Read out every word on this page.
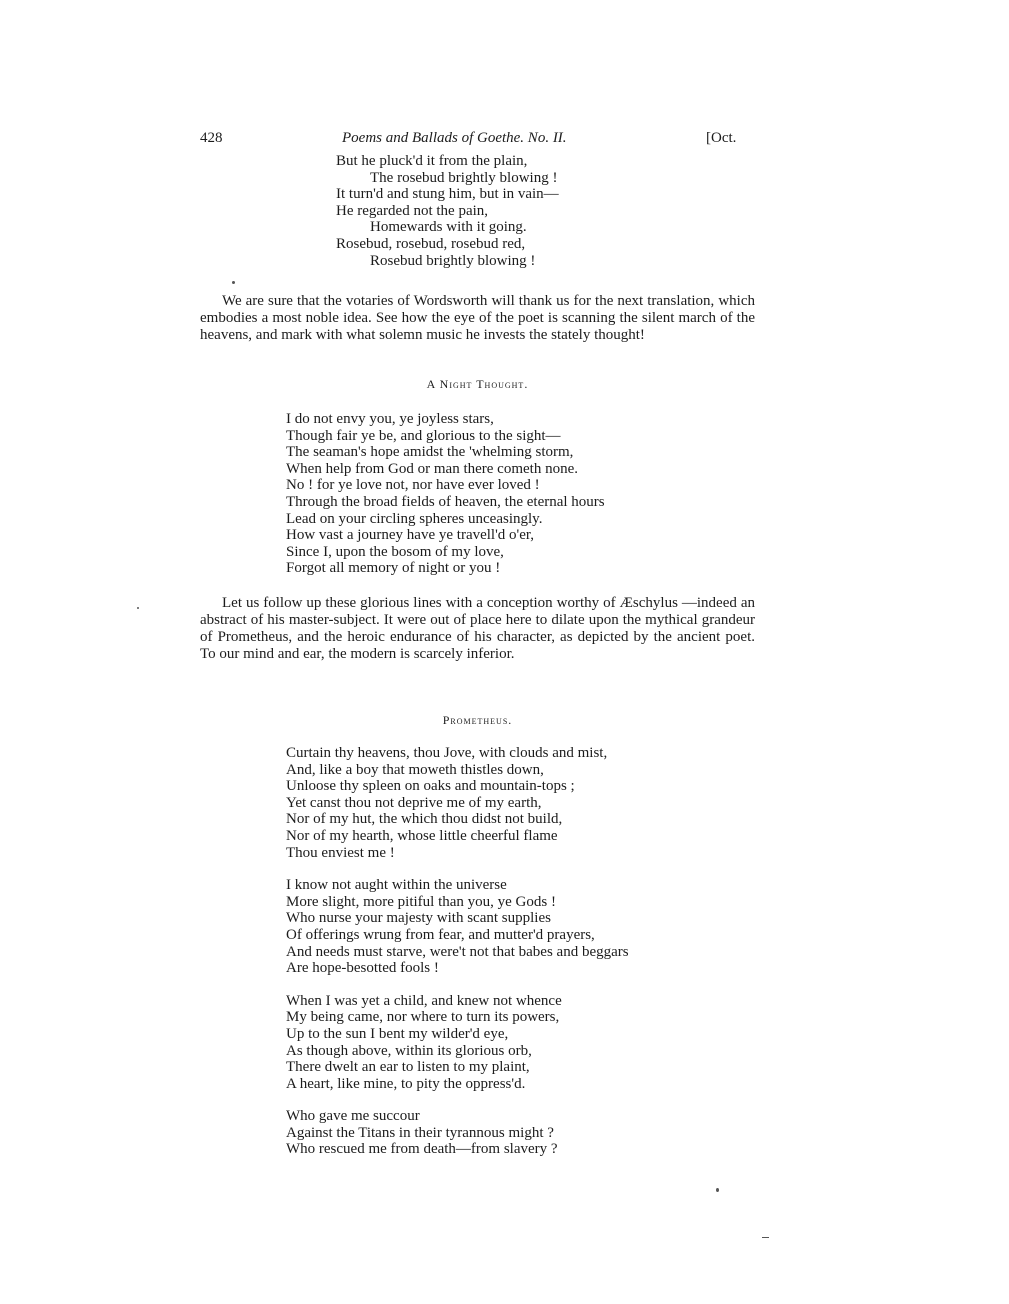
428	Poems and Ballads of Goethe. No. II.	[Oct.
But he pluck'd it from the plain,
The rosebud brightly blowing !
It turn'd and stung him, but in vain—
He regarded not the pain,
Homewards with it going.
Rosebud, rosebud, rosebud red,
Rosebud brightly blowing !

We are sure that the votaries of Wordsworth will thank us for the next translation, which embodies a most noble idea. See how the eye of the poet is scanning the silent march of the heavens, and mark with what solemn music he invests the stately thought!

A Night Thought.
I do not envy you, ye joyless stars,
Though fair ye be, and glorious to the sight—
The seaman's hope amidst the 'whelming storm,
When help from God or man there cometh none.
No ! for ye love not, nor have ever loved !
Through the broad fields of heaven, the eternal hours
Lead on your circling spheres unceasingly.
How vast a journey have ye travell'd o'er,
Since I, upon the bosom of my love,
Forgot all memory of night or you !

Let us follow up these glorious lines with a conception worthy of Æschylus —indeed an abstract of his master-subject. It were out of place here to dilate upon the mythical grandeur of Prometheus, and the heroic endurance of his character, as depicted by the ancient poet. To our mind and ear, the modern is scarcely inferior.

Prometheus.
Curtain thy heavens, thou Jove, with clouds and mist,
And, like a boy that moweth thistles down,
Unloose thy spleen on oaks and mountain-tops ;
Yet canst thou not deprive me of my earth,
Nor of my hut, the which thou didst not build,
Nor of my hearth, whose little cheerful flame
Thou enviest me !
I know not aught within the universe
More slight, more pitiful than you, ye Gods !
Who nurse your majesty with scant supplies
Of offerings wrung from fear, and mutter'd prayers,
And needs must starve, were't not that babes and beggars
Are hope-besotted fools !
When I was yet a child, and knew not whence
My being came, nor where to turn its powers,
Up to the sun I bent my wilder'd eye,
As though above, within its glorious orb,
There dwelt an ear to listen to my plaint,
A heart, like mine, to pity the oppress'd.
Who gave me succour
Against the Titans in their tyrannous might ?
Who rescued me from death—from slavery ?
